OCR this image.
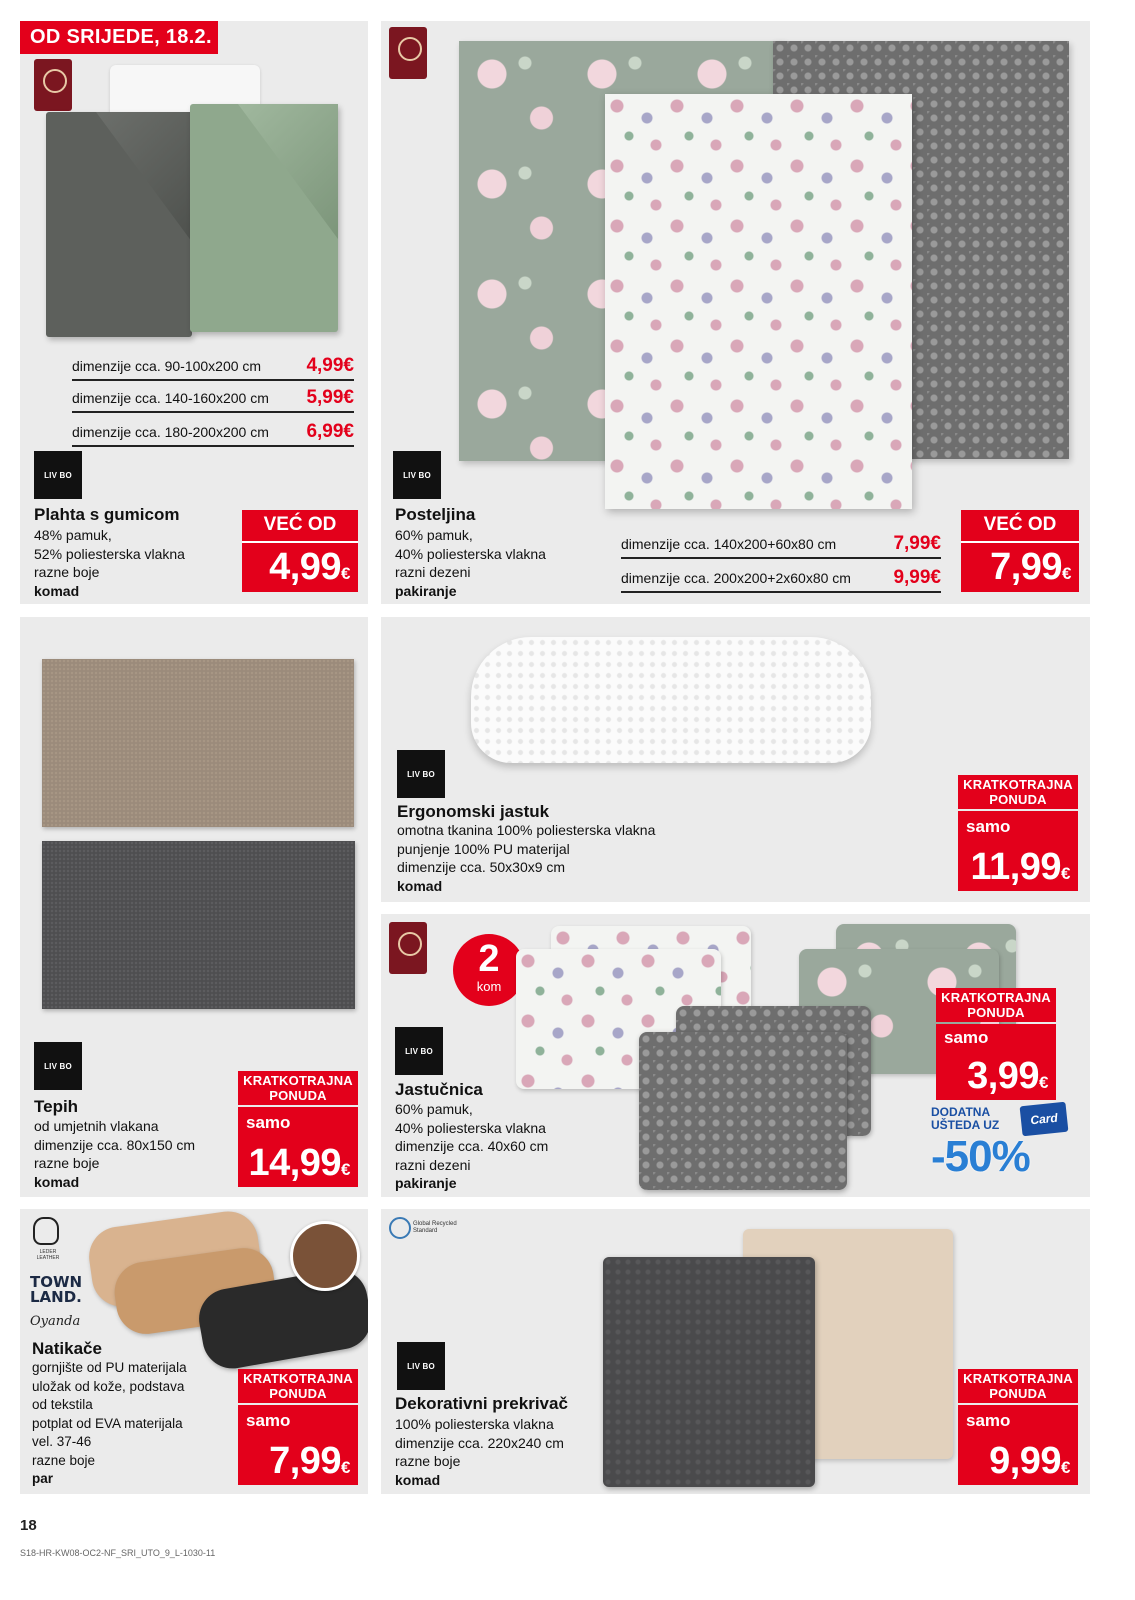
dimenzije cca. 90-100x200 cm 4,99€
dimenzije cca. 140-160x200 cm 5,99€
dimenzije cca. 180-200x200 cm 6,99€
LIV BO
Plahta s gumicom
48% pamuk,
52% poliesterska vlakna
razne boje
komad
VEĆ OD
4,99€
dimenzije cca. 140x200+60x80 cm	7,99€
dimenzije cca. 200x200+2x60x80 cm 9,99€
LIV BO
Posteljina
60% pamuk,
40% poliesterska vlakna
razni dezeni
pakiranje
VEĆ OD
7,99€
LIV BO
Tepih
od umjetnih vlakana
dimenzije cca. 80x150 cm
razne boje
komad
KRATKOTRAJNA PONUDA
samo
14,99€
LIV BO
Ergonomski jastuk
omotna tkanina 100% poliesterska vlakna
punjenje 100% PU materijal
dimenzije cca. 50x30x9 cm
komad
KRATKOTRAJNA PONUDA
samo
11,99€
2
kom
LIV BO
Jastučnica
60% pamuk,
40% poliesterska vlakna
dimenzije cca. 40x60 cm
razni dezeni
pakiranje
KRATKOTRAJNA PONUDA
samo
3,99€
DODATNA
UŠTEDA UZ	Card
-50%
LEDER LEATHER
TOWN LAND.
Oyanda
Natikače
gornjište od PU materijala
uložak od kože, podstava
od tekstila
potplat od EVA materijala
vel. 37-46
razne boje
par
KRATKOTRAJNA PONUDA
samo
7,99€
Global Recycled Standard
LIV BO
Dekorativni prekrivač
100% poliesterska vlakna
dimenzije cca. 220x240 cm
razne boje
komad
KRATKOTRAJNA PONUDA
samo
9,99€
OD SRIJEDE, 18.2.
18
S18-HR-KW08-OC2-NF_SRI_UTO_9_L-1030-11
